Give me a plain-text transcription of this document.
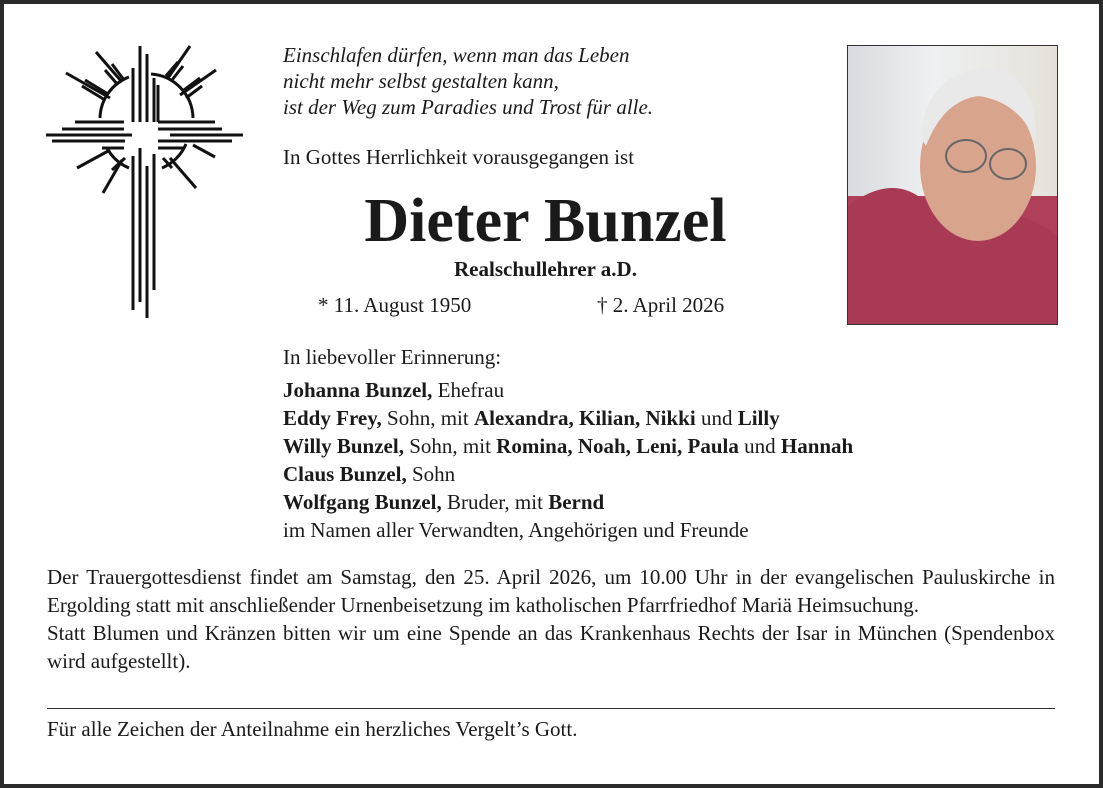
Einschlafen dürfen, wenn man das Leben
nicht mehr selbst gestalten kann,
ist der Weg zum Paradies und Trost für alle.
In Gottes Herrlichkeit vorausgegangen ist
Dieter Bunzel
Realschullehrer a.D.
* 11. August 1950	† 2. April 2026
In liebevoller Erinnerung:
Johanna Bunzel, Ehefrau
Eddy Frey, Sohn, mit Alexandra, Kilian, Nikki und Lilly
Willy Bunzel, Sohn, mit Romina, Noah, Leni, Paula und Hannah
Claus Bunzel, Sohn
Wolfgang Bunzel, Bruder, mit Bernd
im Namen aller Verwandten, Angehörigen und Freunde

Der Trauergottesdienst findet am Samstag, den 25. April 2026, um 10.00 Uhr in der evangelischen Pauluskirche in Ergolding statt mit anschließender Urnenbeisetzung im katholischen Pfarrfriedhof Mariä Heimsuchung.

Statt Blumen und Kränzen bitten wir um eine Spende an das Krankenhaus Rechts der Isar in München (Spendenbox wird aufgestellt).

Für alle Zeichen der Anteilnahme ein herzliches Vergelt’s Gott.
